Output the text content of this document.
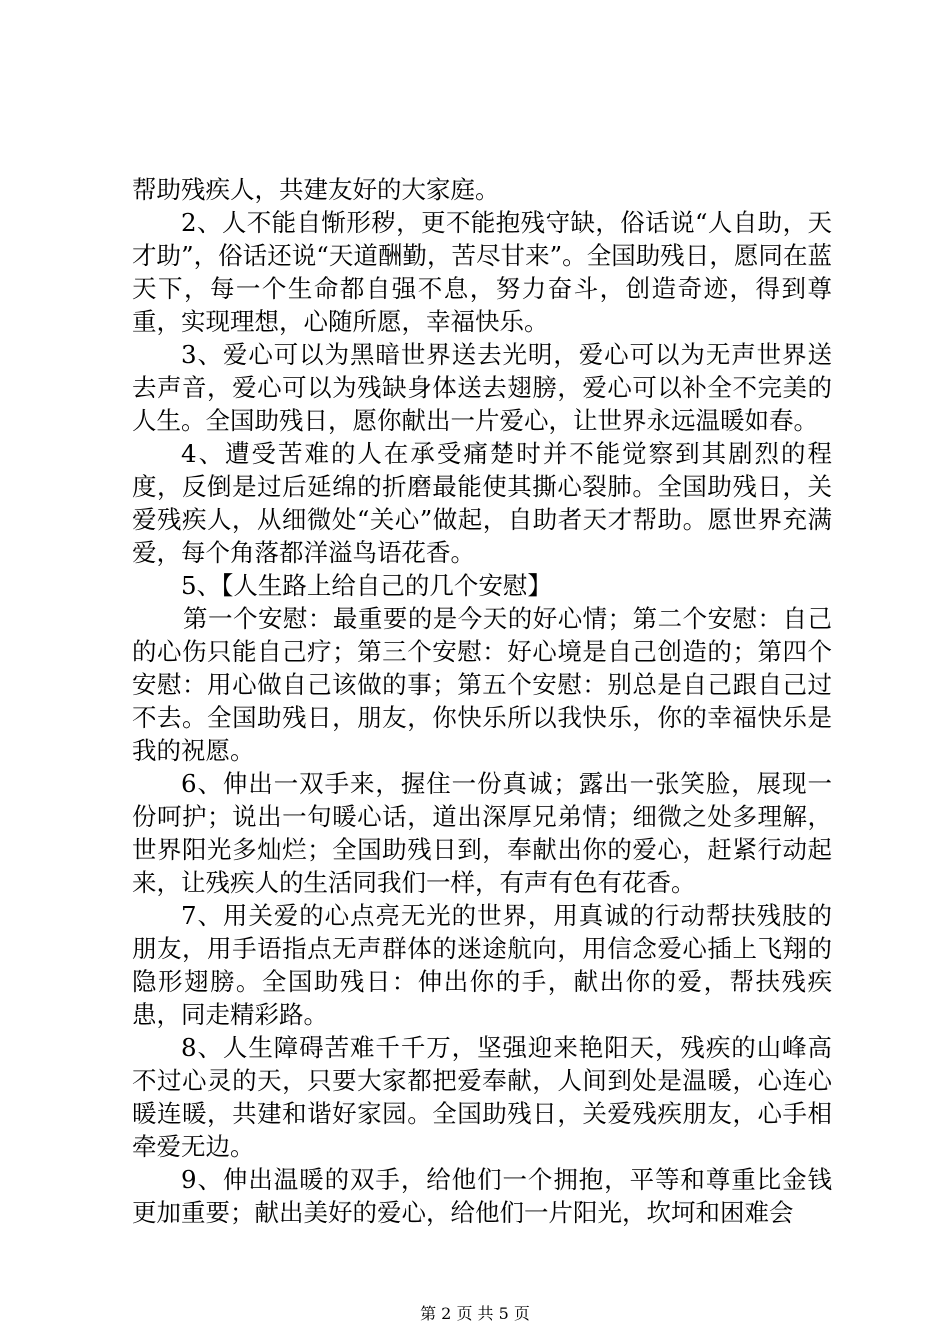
帮助残疾人，共建友好的大家庭。

2、人不能自惭形秽，更不能抱残守缺，俗话说“人自助，天才助”，俗话还说“天道酬勤，苦尽甘来”。全国助残日，愿同在蓝天下，每一个生命都自强不息，努力奋斗，创造奇迹，得到尊重，实现理想，心随所愿，幸福快乐。

3、爱心可以为黑暗世界送去光明，爱心可以为无声世界送去声音，爱心可以为残缺身体送去翅膀，爱心可以补全不完美的人生。全国助残日，愿你献出一片爱心，让世界永远温暖如春。

4、遭受苦难的人在承受痛楚时并不能觉察到其剧烈的程度，反倒是过后延绵的折磨最能使其撕心裂肺。全国助残日，关爱残疾人，从细微处“关心”做起，自助者天才帮助。愿世界充满爱，每个角落都洋溢鸟语花香。

5、【人生路上给自己的几个安慰】

第一个安慰：最重要的是今天的好心情；第二个安慰：自己的心伤只能自己疗；第三个安慰：好心境是自己创造的；第四个安慰：用心做自己该做的事；第五个安慰：别总是自己跟自己过不去。全国助残日，朋友，你快乐所以我快乐，你的幸福快乐是我的祝愿。

6、伸出一双手来，握住一份真诚；露出一张笑脸，展现一份呵护；说出一句暖心话，道出深厚兄弟情；细微之处多理解，世界阳光多灿烂；全国助残日到，奉献出你的爱心，赶紧行动起来，让残疾人的生活同我们一样，有声有色有花香。

7、用关爱的心点亮无光的世界，用真诚的行动帮扶残肢的朋友，用手语指点无声群体的迷途航向，用信念爱心插上飞翔的隐形翅膀。全国助残日：伸出你的手，献出你的爱，帮扶残疾患，同走精彩路。

8、人生障碍苦难千千万，坚强迎来艳阳天，残疾的山峰高不过心灵的天，只要大家都把爱奉献，人间到处是温暖，心连心暖连暖，共建和谐好家园。全国助残日，关爱残疾朋友，心手相牵爱无边。

9、伸出温暖的双手，给他们一个拥抱，平等和尊重比金钱更加重要；献出美好的爱心，给他们一片阳光，坎坷和困难会

第 2 页 共 5 页
